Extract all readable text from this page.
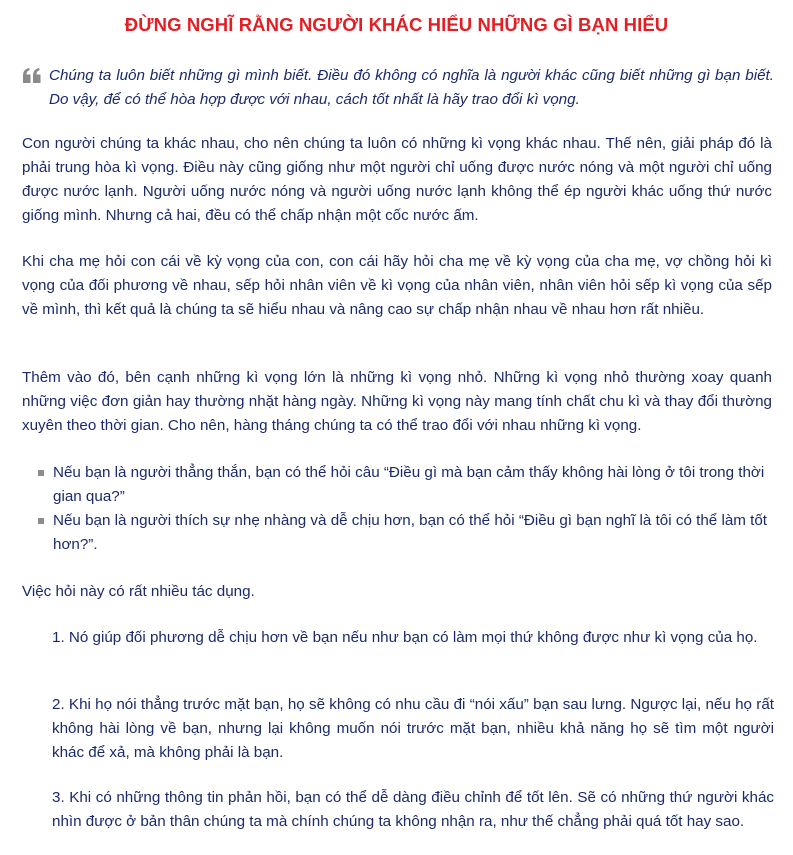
ĐỪNG NGHĨ RẰNG NGƯỜI KHÁC HIỂU NHỮNG GÌ BẠN HIỂU
Chúng ta luôn biết những gì mình biết. Điều đó không có nghĩa là người khác cũng biết những gì bạn biết. Do vậy, để có thể hòa hợp được với nhau, cách tốt nhất là hãy trao đổi kì vọng.

Con người chúng ta khác nhau, cho nên chúng ta luôn có những kì vọng khác nhau. Thế nên, giải pháp đó là phải trung hòa kì vọng. Điều này cũng giống như một người chỉ uống được nước nóng và một người chỉ uống được nước lạnh. Người uống nước nóng và người uống nước lạnh không thể ép người khác uống thứ nước giống mình. Nhưng cả hai, đều có thể chấp nhận một cốc nước ấm.

Khi cha mẹ hỏi con cái về kỳ vọng của con, con cái hãy hỏi cha mẹ về kỳ vọng của cha mẹ, vợ chồng hỏi kì vọng của đối phương về nhau, sếp hỏi nhân viên về kì vọng của nhân viên, nhân viên hỏi sếp kì vọng của sếp về mình, thì kết quả là chúng ta sẽ hiểu nhau và nâng cao sự chấp nhận nhau về nhau hơn rất nhiều.

Thêm vào đó, bên cạnh những kì vọng lớn là những kì vọng nhỏ. Những kì vọng nhỏ thường xoay quanh những việc đơn giản hay thường nhặt hàng ngày. Những kì vọng này mang tính chất chu kì và thay đổi thường xuyên theo thời gian. Cho nên, hàng tháng chúng ta có thể trao đổi với nhau những kì vọng.

Nếu bạn là người thẳng thắn, bạn có thể hỏi câu “Điều gì mà bạn cảm thấy không hài lòng ở tôi trong thời gian qua?”
Nếu bạn là người thích sự nhẹ nhàng và dễ chịu hơn, bạn có thể hỏi “Điều gì bạn nghĩ là tôi có thể làm tốt hơn?”.

Việc hỏi này có rất nhiều tác dụng.

1. Nó giúp đối phương dễ chịu hơn về bạn nếu như bạn có làm mọi thứ không được như kì vọng của họ.

2. Khi họ nói thẳng trước mặt bạn, họ sẽ không có nhu cầu đi “nói xấu” bạn sau lưng. Ngược lại, nếu họ rất không hài lòng về bạn, nhưng lại không muốn nói trước mặt bạn, nhiều khả năng họ sẽ tìm một người khác để xả, mà không phải là bạn.

3. Khi có những thông tin phản hồi, bạn có thể dễ dàng điều chỉnh để tốt lên. Sẽ có những thứ người khác nhìn được ở bản thân chúng ta mà chính chúng ta không nhận ra, như thế chẳng phải quá tốt hay sao.
